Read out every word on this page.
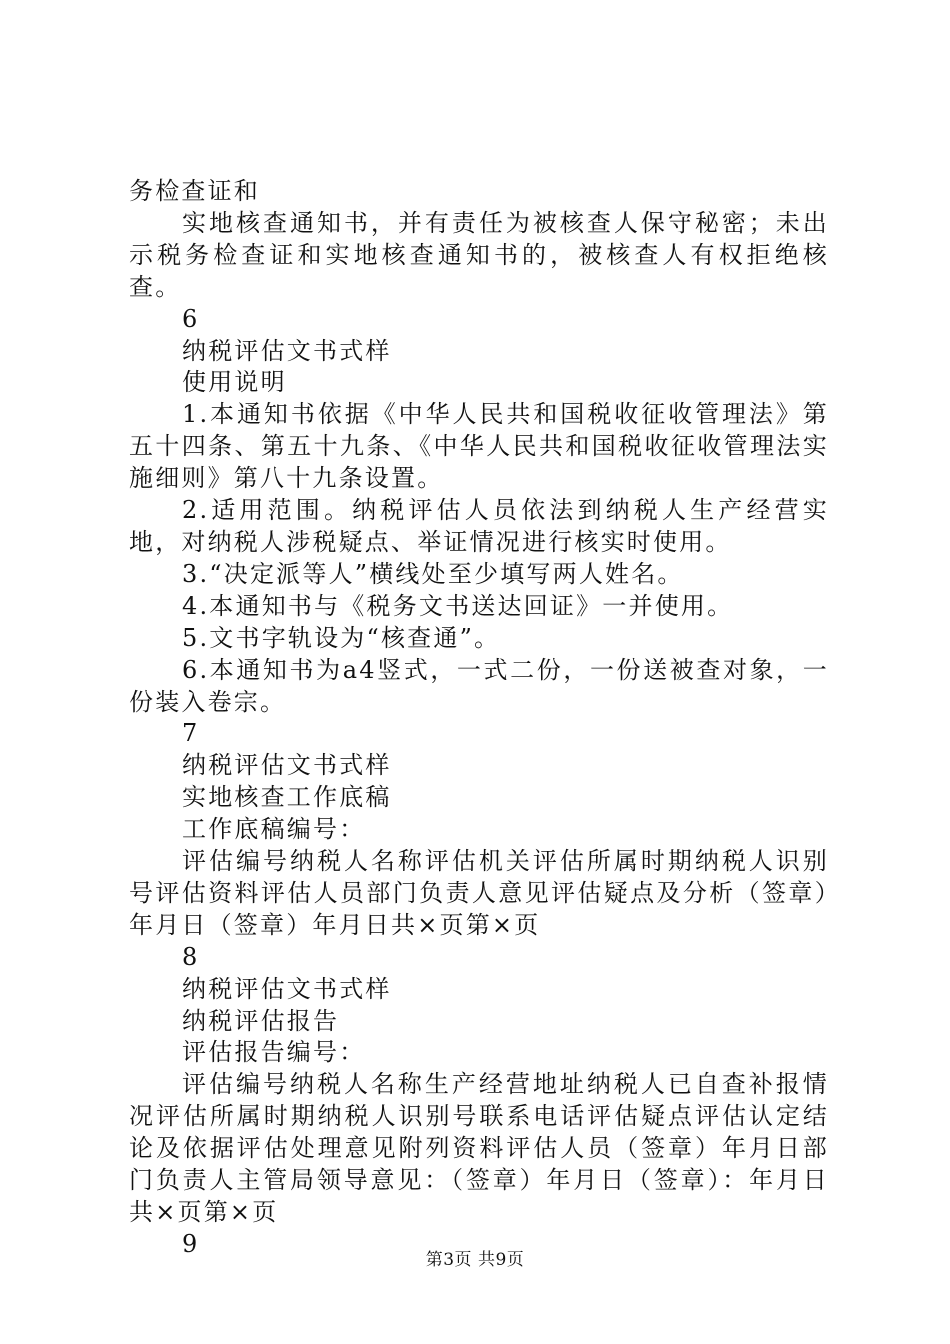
务检查证和

实地核查通知书，并有责任为被核查人保守秘密；未出示税务检查证和实地核查通知书的，被核查人有权拒绝核查。

6

纳税评估文书式样

使用说明

1.本通知书依据《中华人民共和国税收征收管理法》第五十四条、第五十九条、《中华人民共和国税收征收管理法实施细则》第八十九条设置。

2.适用范围。纳税评估人员依法到纳税人生产经营实地，对纳税人涉税疑点、举证情况进行核实时使用。

3.“决定派等人”横线处至少填写两人姓名。

4.本通知书与《税务文书送达回证》一并使用。

5.文书字轨设为“核查通”。

6.本通知书为a4竖式，一式二份，一份送被查对象，一份装入卷宗。

7

纳税评估文书式样

实地核查工作底稿

工作底稿编号：

评估编号纳税人名称评估机关评估所属时期纳税人识别号评估资料评估人员部门负责人意见评估疑点及分析（签章）年月日（签章）年月日共×页第×页

8

纳税评估文书式样

纳税评估报告

评估报告编号：

评估编号纳税人名称生产经营地址纳税人已自查补报情况评估所属时期纳税人识别号联系电话评估疑点评估认定结论及依据评估处理意见附列资料评估人员（签章）年月日部门负责人主管局领导意见：（签章）年月日（签章）：年月日共×页第×页

9

第3页 共9页
